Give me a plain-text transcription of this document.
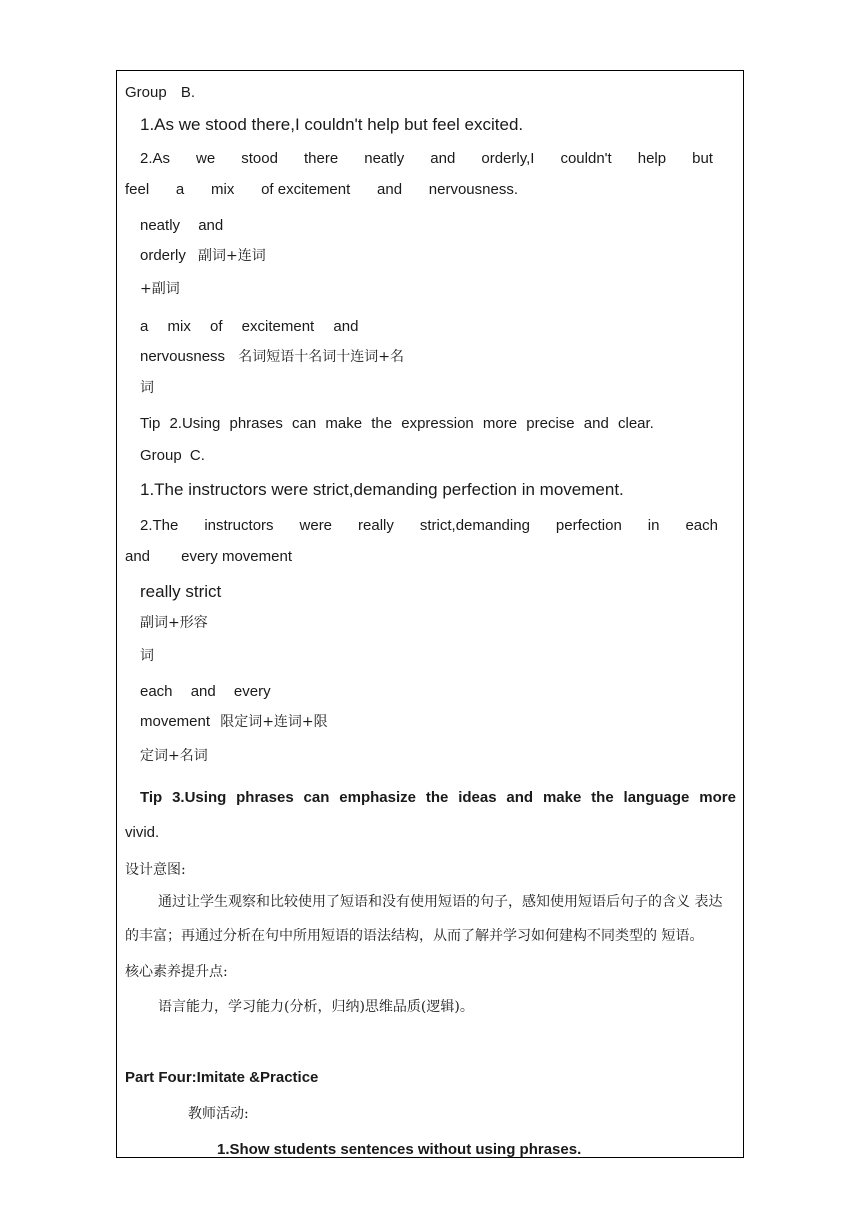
Group B.
1.As we stood there,I couldn't help but feel excited.
2.As we stood there neatly and orderly,I couldn't help but
feel a mix of excitement and nervousness.
neatly and
orderly 副词+连词
+副词
a mix of excitement and
nervousness 名词短语十名词十连词+名
词
Tip 2.Using phrases can make the expression more precise and clear.
Group C.
1.The instructors were strict,demanding perfection in movement.
2.The instructors were really strict,demanding perfection in each
and every movement
really strict
副词+形容
词
each and every
movement 限定词+连词+限
定词+名词
Tip 3.Using phrases can emphasize the ideas and make the language more
vivid.
设计意图:
通过让学生观察和比较使用了短语和没有使用短语的句子，感知使用短语后句子的含义 表达
的丰富；再通过分析在句中所用短语的语法结构，从而了解并学习如何建构不同类型的 短语。
核心素养提升点:
语言能力，学习能力(分析，归纳)思维品质(逻辑)。
Part Four:Imitate &Practice
教师活动:
1.Show students sentences without using phrases.
